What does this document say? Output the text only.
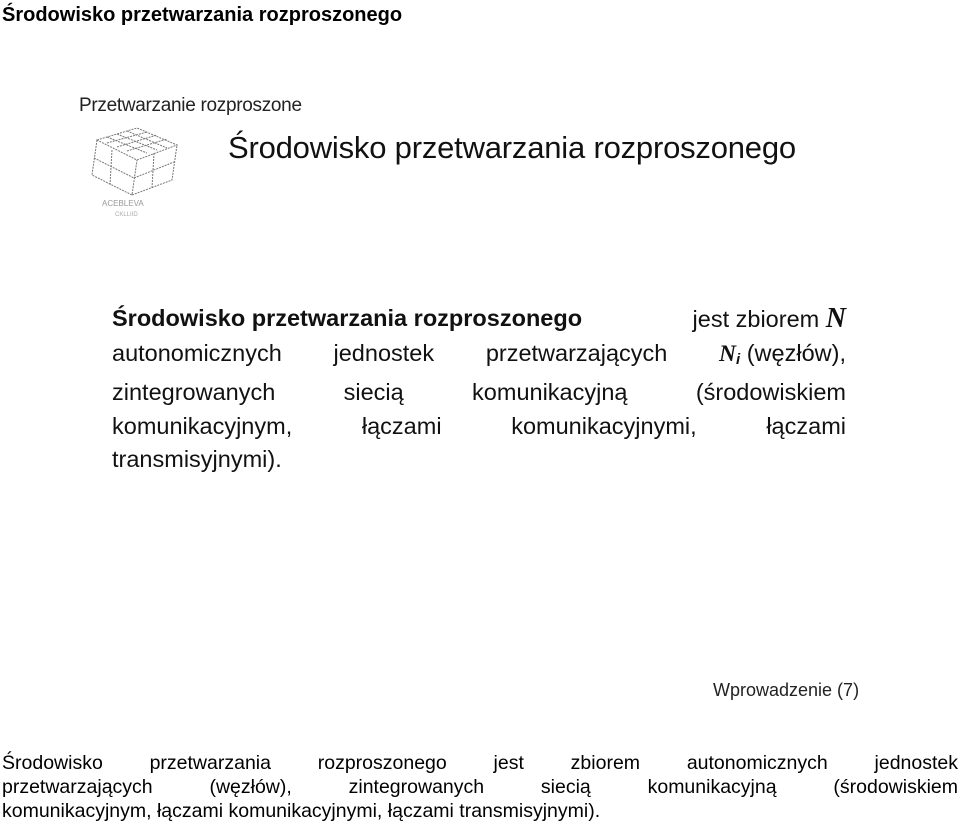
Środowisko przetwarzania rozproszonego
Przetwarzanie rozproszone
ACEBLEVA
CKLLIID
Środowisko przetwarzania rozproszonego
Środowisko przetwarzania rozproszonego	jest zbiorem N
autonomicznych jednostek przetwarzających $N_i$ (węzłów),
zintegrowanych	siecią	komunikacyjną	(środowiskiem
komunikacyjnym,	łączami	komunikacyjnymi,	łączami
transmisyjnymi).
Wprowadzenie (7)
Środowisko przetwarzania rozproszonego jest zbiorem autonomicznych jednostek
przetwarzających	(węzłów),	zintegrowanych	siecią	komunikacyjną	(środowiskiem
komunikacyjnym, łączami komunikacyjnymi, łączami transmisyjnymi).
